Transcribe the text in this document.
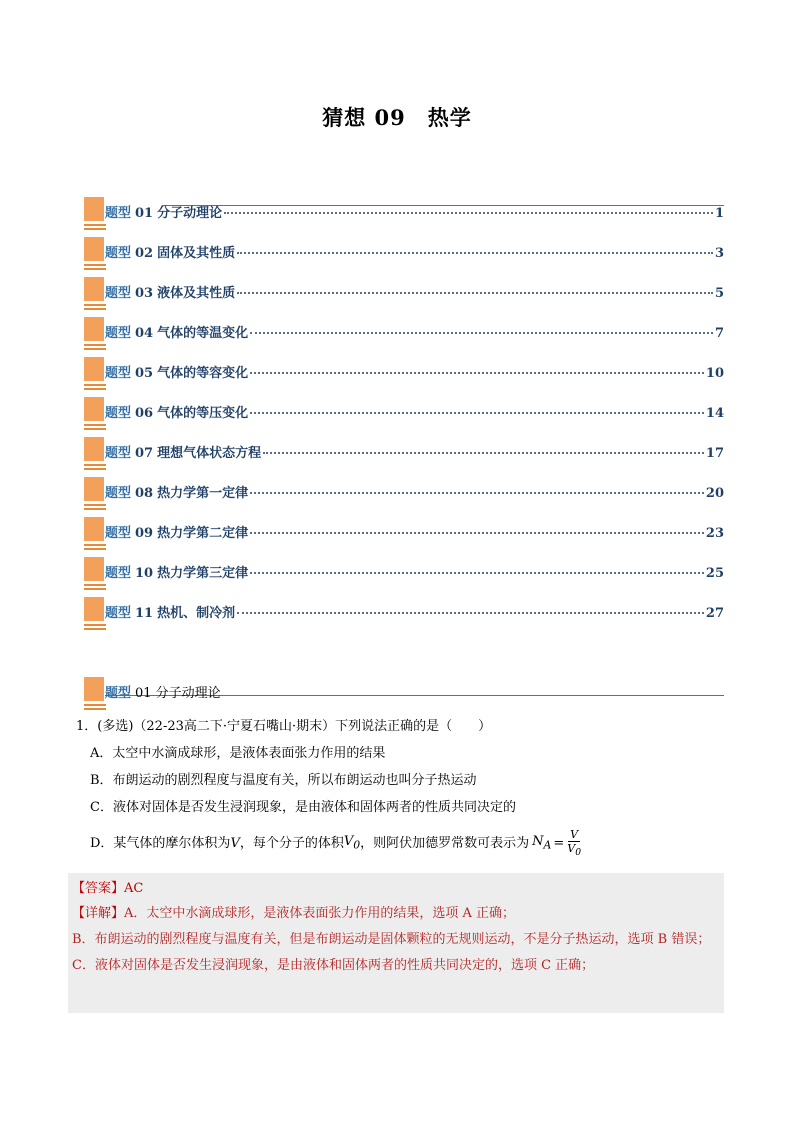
猜想 09　热学
题型 01 分子动理论	1
题型 02 固体及其性质	3
题型 03 液体及其性质	5
题型 04 气体的等温变化	7
题型 05 气体的等容变化	10
题型 06 气体的等压变化	14
题型 07 理想气体状态方程	17
题型 08 热力学第一定律	20
题型 09 热力学第二定律	23
题型 10 热力学第三定律	25
题型 11 热机、制冷剂	27
题型 01 分子动理论

1．(多选)（22-23高二下·宁夏石嘴山·期末）下列说法正确的是（　　）

A．太空中水滴成球形，是液体表面张力作用的结果

B．布朗运动的剧烈程度与温度有关，所以布朗运动也叫分子热运动

C．液体对固体是否发生浸润现象，是由液体和固体两者的性质共同决定的

D．某气体的摩尔体积为 V ，每个分子的体积 $V_0$ ，则阿伏加德罗常数可表示为 $N_A = \frac{V}{V_0}$

【答案】AC

【详解】A．太空中水滴成球形，是液体表面张力作用的结果，选项 A 正确；

B．布朗运动的剧烈程度与温度有关，但是布朗运动是固体颗粒的无规则运动，不是分子热运动，选项 B 错误；

C．液体对固体是否发生浸润现象，是由液体和固体两者的性质共同决定的，选项 C 正确；
